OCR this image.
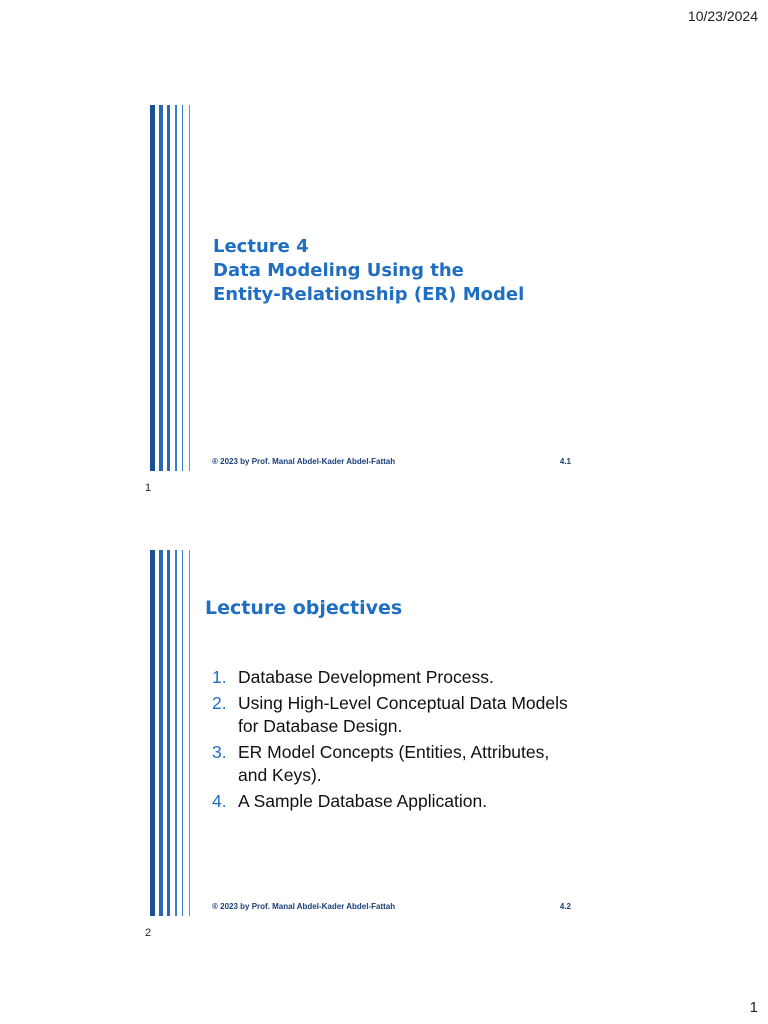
10/23/2024
Lecture 4
Data Modeling Using the
Entity-Relationship (ER) Model
® 2023 by Prof. Manal Abdel-Kader Abdel-Fattah	4.1
1
Lecture objectives
1. Database Development Process.
2. Using High-Level Conceptual Data Models for Database Design.
3. ER Model Concepts (Entities, Attributes, and Keys).
4. A Sample Database Application.
® 2023 by Prof. Manal Abdel-Kader Abdel-Fattah	4.2
2
1
